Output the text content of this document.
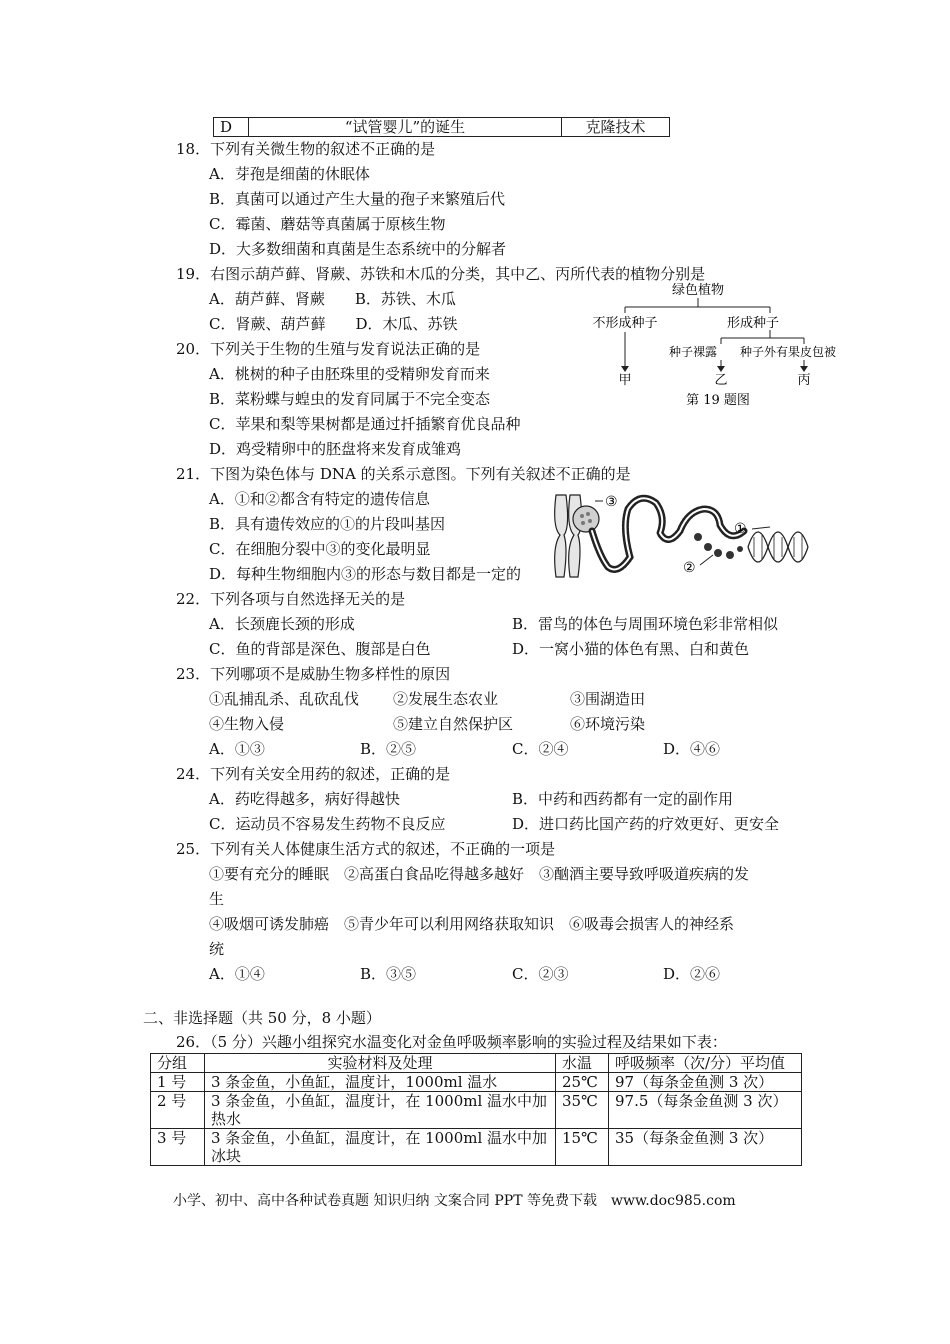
D	“试管婴儿”的诞生	克隆技术
18．下列有关微生物的叙述不正确的是
A．芽孢是细菌的休眠体
B．真菌可以通过产生大量的孢子来繁殖后代
C．霉菌、蘑菇等真菌属于原核生物
D．大多数细菌和真菌是生态系统中的分解者
19．右图示葫芦藓、肾蕨、苏铁和木瓜的分类，其中乙、丙所代表的植物分别是
A．葫芦藓、肾蕨　　B．苏铁、木瓜
C．肾蕨、葫芦藓　　D．木瓜、苏铁
绿色植物
不形成种子	形成种子
种子裸露 种子外有果皮包被
甲	乙	丙
第 19 题图
20．下列关于生物的生殖与发育说法正确的是
A．桃树的种子由胚珠里的受精卵发育而来
B．菜粉蝶与蝗虫的发育同属于不完全变态
C．苹果和梨等果树都是通过扦插繁育优良品种
D．鸡受精卵中的胚盘将来发育成雏鸡
21．下图为染色体与 DNA 的关系示意图。下列有关叙述不正确的是
A．①和②都含有特定的遗传信息
B．具有遗传效应的①的片段叫基因
C．在细胞分裂中③的变化最明显
D．每种生物细胞内③的形态与数目都是一定的
③
①
②
22．下列各项与自然选择无关的是
A．长颈鹿长颈的形成	B．雷鸟的体色与周围环境色彩非常相似
C．鱼的背部是深色、腹部是白色	D．一窝小猫的体色有黑、白和黄色
23．下列哪项不是威胁生物多样性的原因
①乱捕乱杀、乱砍乱伐 ②发展生态农业	③围湖造田
④生物入侵	⑤建立自然保护区	⑥环境污染
A．①③	B．②⑤	C．②④	D．④⑥
24．下列有关安全用药的叙述，正确的是
A．药吃得越多，病好得越快	B．中药和西药都有一定的副作用
C．运动员不容易发生药物不良反应	D．进口药比国产药的疗效更好、更安全
25．下列有关人体健康生活方式的叙述，不正确的一项是
①要有充分的睡眠　②高蛋白食品吃得越多越好　③酗酒主要导致呼吸道疾病的发
生
④吸烟可诱发肺癌　⑤青少年可以利用网络获取知识　⑥吸毒会损害人的神经系
统
A．①④	B．③⑤	C．②③	D．②⑥
二、非选择题（共 50 分，8 小题）
26．（5 分）兴趣小组探究水温变化对金鱼呼吸频率影响的实验过程及结果如下表：
分组	实验材料及处理	水温	呼吸频率（次/分）平均值
1 号	3 条金鱼，小鱼缸，温度计，1000ml 温水	25℃	97（每条金鱼测 3 次）
2 号	3 条金鱼，小鱼缸，温度计，在 1000ml 温水中加热水	35℃	97.5（每条金鱼测 3 次）
3 号	3 条金鱼，小鱼缸，温度计，在 1000ml 温水中加冰块	15℃	35（每条金鱼测 3 次）
小学、初中、高中各种试卷真题 知识归纳 文案合同 PPT 等免费下载　www.doc985.com
